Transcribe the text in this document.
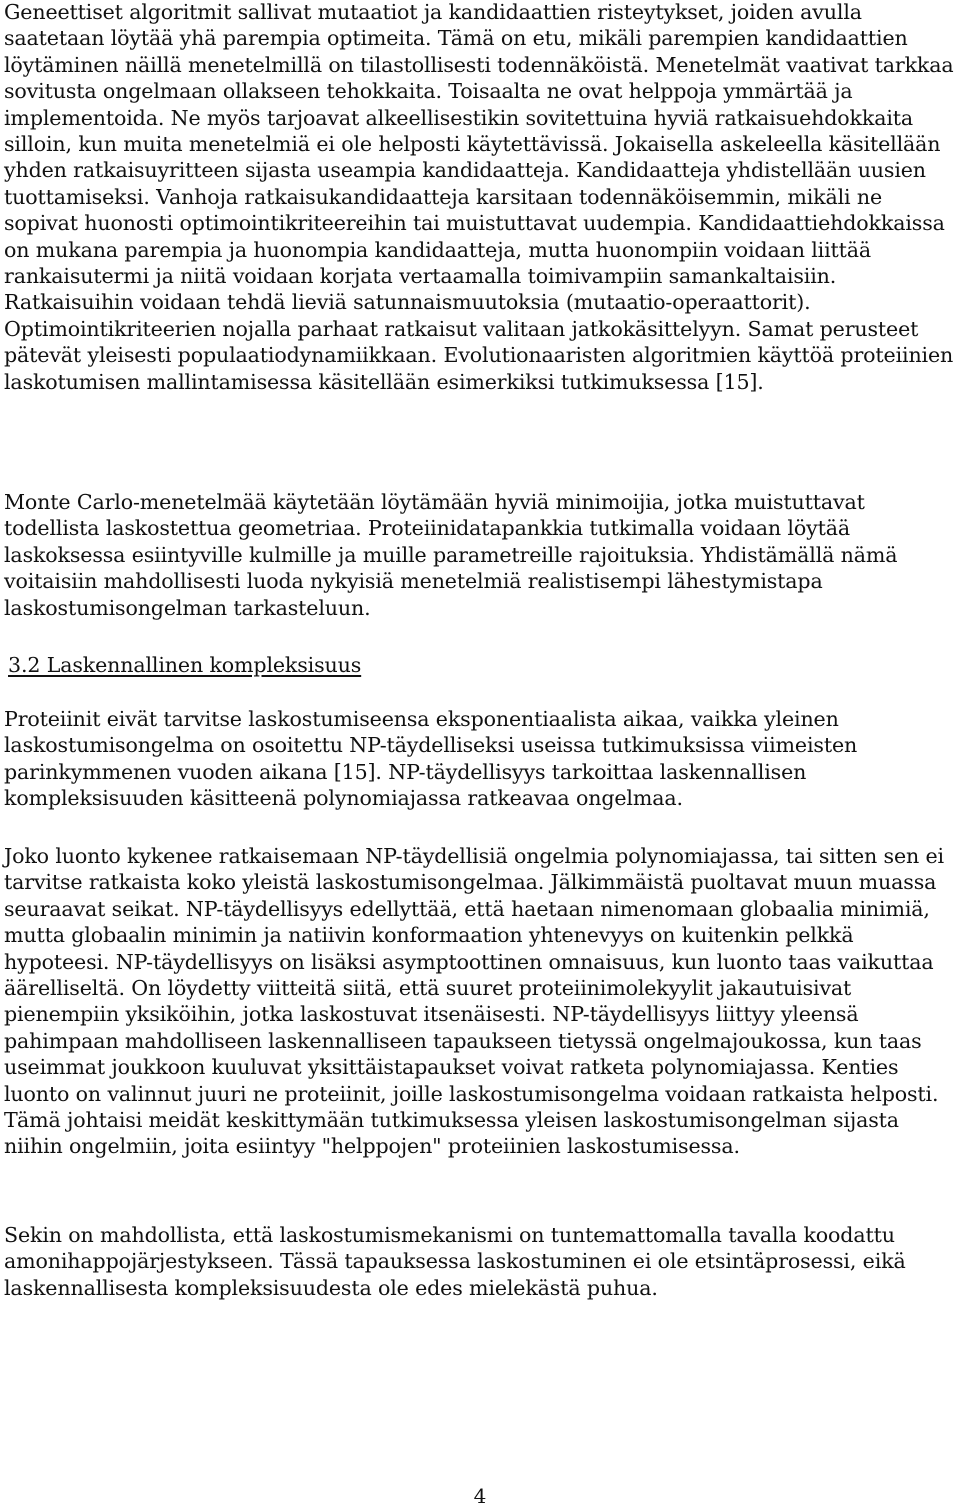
Geneettiset algoritmit sallivat mutaatiot ja kandidaattien risteytykset, joiden avulla saatetaan löytää yhä parempia optimeita. Tämä on etu, mikäli parempien kandidaattien löytäminen näillä menetelmillä on tilastollisesti todennäköistä. Menetelmät vaativat tarkkaa sovitusta ongelmaan ollakseen tehokkaita. Toisaalta ne ovat helppoja ymmärtää ja implementoida. Ne myös tarjoavat alkeellisestikin sovitettuina hyviä ratkaisuehdokkaita silloin, kun muita menetelmiä ei ole helposti käytettävissä. Jokaisella askeleella käsitellään yhden ratkaisuyritteen sijasta useampia kandidaatteja. Kandidaatteja yhdistellään uusien tuottamiseksi. Vanhoja ratkaisukandidaatteja karsitaan todennäköisemmin, mikäli ne sopivat huonosti optimointikriteereihin tai muistuttavat uudempia. Kandidaattiehdokkaissa on mukana parempia ja huonompia kandidaatteja, mutta huonompiin voidaan liittää rankaisutermi ja niitä voidaan korjata vertaamalla toimivampiin samankaltaisiin. Ratkaisuihin voidaan tehdä lieviä satunnaismuutoksia (mutaatio-operaattorit). Optimointikriteerien nojalla parhaat ratkaisut valitaan jatkokäsittelyyn. Samat perusteet pätevät yleisesti populaatiodynamiikkaan. Evolutionaaristen algoritmien käyttöä proteiinien laskotumisen mallintamisessa käsitellään esimerkiksi tutkimuksessa [15].

Monte Carlo-menetelmää käytetään löytämään hyviä minimoijia, jotka muistuttavat todellista laskostettua geometriaa. Proteiinidatapankkia tutkimalla voidaan löytää laskoksessa esiintyville kulmille ja muille parametreille rajoituksia. Yhdistämällä nämä voitaisiin mahdollisesti luoda nykyisiä menetelmiä realistisempi lähestymistapa laskostumisongelman tarkasteluun.

3.2 Laskennallinen kompleksisuus

Proteiinit eivät tarvitse laskostumiseensa eksponentiaalista aikaa, vaikka yleinen laskostumisongelma on osoitettu NP-täydelliseksi useissa tutkimuksissa viimeisten parinkymmenen vuoden aikana [15]. NP-täydellisyys tarkoittaa laskennallisen kompleksisuuden käsitteenä polynomiajassa ratkeavaa ongelmaa.

Joko luonto kykenee ratkaisemaan NP-täydellisiä ongelmia polynomiajassa, tai sitten sen ei tarvitse ratkaista koko yleistä laskostumisongelmaa. Jälkimmäistä puoltavat muun muassa seuraavat seikat. NP-täydellisyys edellyttää, että haetaan nimenomaan globaalia minimiä, mutta globaalin minimin ja natiivin konformaation yhtenevyys on kuitenkin pelkkä hypoteesi. NP-täydellisyys on lisäksi asymptoottinen omnaisuus, kun luonto taas vaikuttaa äärelliseltä. On löydetty viitteitä siitä, että suuret proteiinimolekyylit jakautuisivat pienempiin yksiköihin, jotka laskostuvat itsenäisesti. NP-täydellisyys liittyy yleensä pahimpaan mahdolliseen laskennalliseen tapaukseen tietyssä ongelmajoukossa, kun taas useimmat joukkoon kuuluvat yksittäistapaukset voivat ratketa polynomiajassa. Kenties luonto on valinnut juuri ne proteiinit, joille laskostumisongelma voidaan ratkaista helposti. Tämä johtaisi meidät keskittymään tutkimuksessa yleisen laskostumisongelman sijasta niihin ongelmiin, joita esiintyy "helppojen" proteiinien laskostumisessa.

Sekin on mahdollista, että laskostumismekanismi on tuntemattomalla tavalla koodattu amonihappojärjestykseen. Tässä tapauksessa laskostuminen ei ole etsintäprosessi, eikä laskennallisesta kompleksisuudesta ole edes mielekästä puhua.

4
